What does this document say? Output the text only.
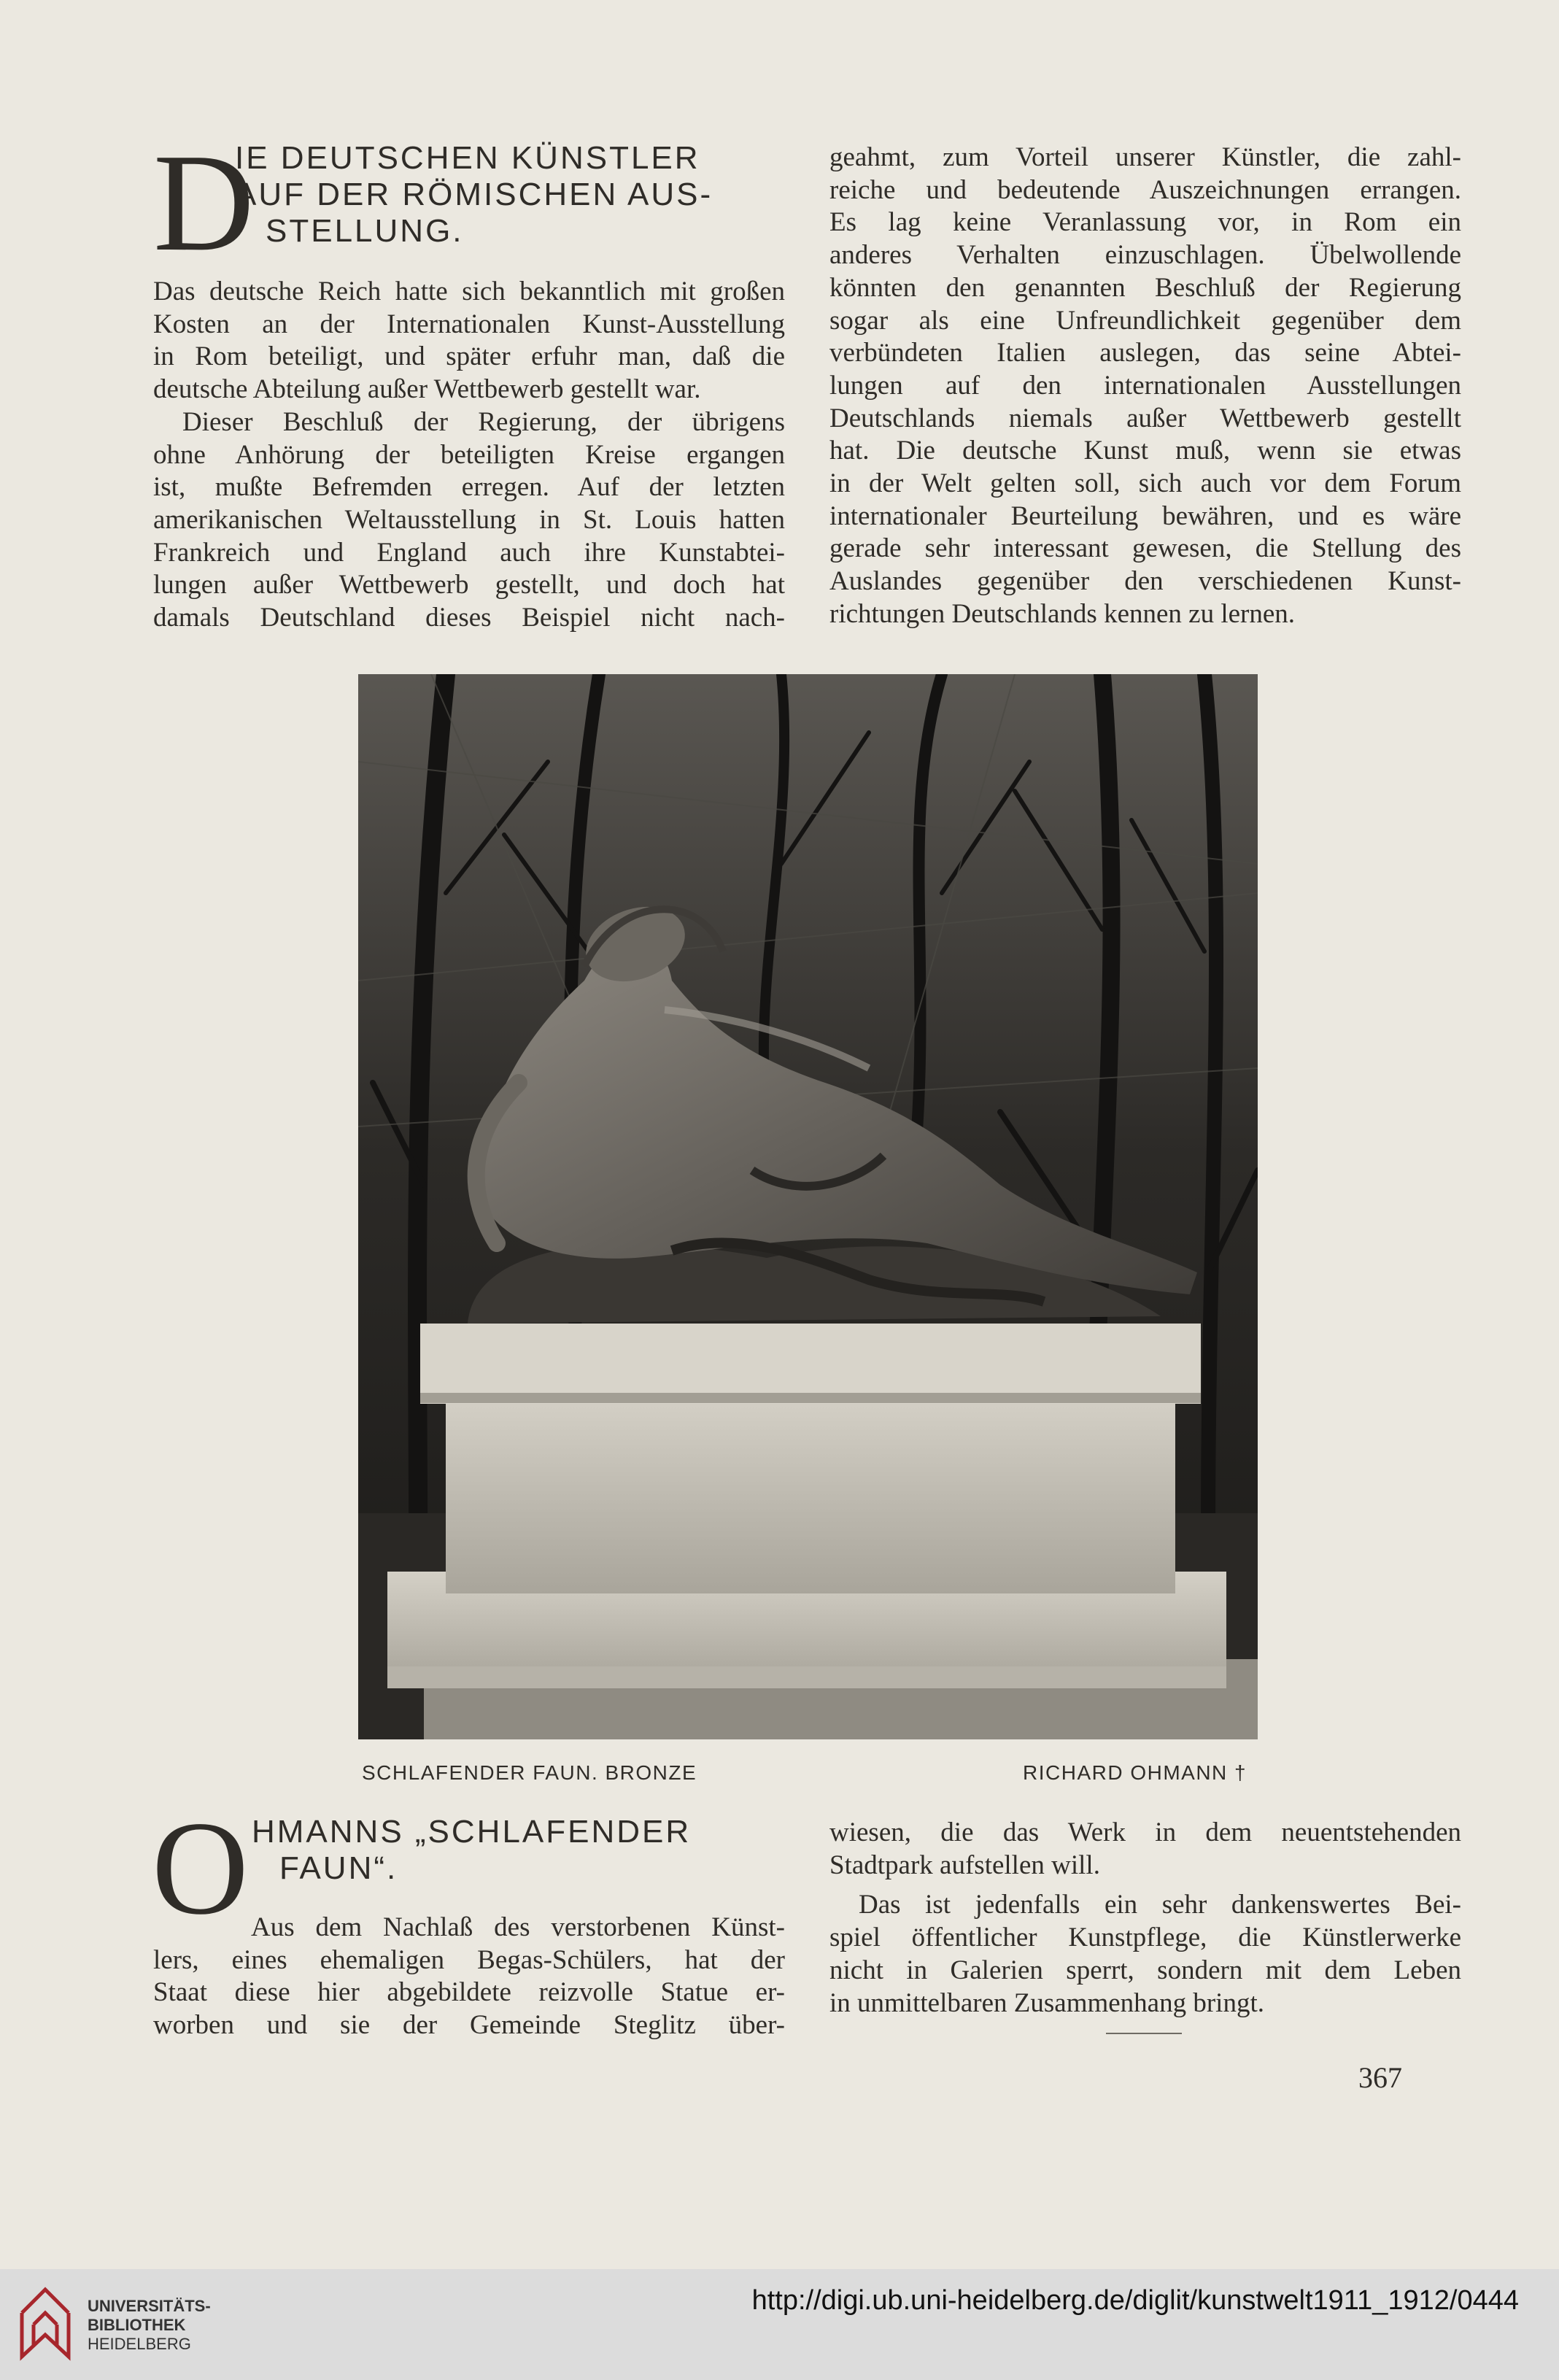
D
IE DEUTSCHEN KÜNSTLER
AUF DER RÖMISCHEN AUS-
STELLUNG.

Das deutsche Reich hatte sich bekanntlich mit großen

Kosten an der Internationalen Kunst-Ausstellung

in Rom beteiligt, und später erfuhr man, daß die

deutsche Abteilung außer Wettbewerb gestellt war.

Dieser Beschluß der Regierung, der übrigens

ohne Anhörung der beteiligten Kreise ergangen

ist, mußte Befremden erregen. Auf der letzten

amerikanischen Weltausstellung in St. Louis hatten

Frankreich und England auch ihre Kunstabtei-

lungen außer Wettbewerb gestellt, und doch hat

damals Deutschland dieses Beispiel nicht nach-

geahmt, zum Vorteil unserer Künstler, die zahl-

reiche und bedeutende Auszeichnungen errangen.

Es lag keine Veranlassung vor, in Rom ein

anderes Verhalten einzuschlagen. Übelwollende

könnten den genannten Beschluß der Regierung

sogar als eine Unfreundlichkeit gegenüber dem

verbündeten Italien auslegen, das seine Abtei-

lungen auf den internationalen Ausstellungen

Deutschlands niemals außer Wettbewerb gestellt

hat. Die deutsche Kunst muß, wenn sie etwas

in der Welt gelten soll, sich auch vor dem Forum

internationaler Beurteilung bewähren, und es wäre

gerade sehr interessant gewesen, die Stellung des

Auslandes gegenüber den verschiedenen Kunst-

richtungen Deutschlands kennen zu lernen.

SCHLAFENDER FAUN. BRONZE	RICHARD OHMANN †
O HMANNS „SCHLAFENDER
FAUN“.

Aus dem Nachlaß des verstorbenen Künst-

lers, eines ehemaligen Begas-Schülers, hat der

Staat diese hier abgebildete reizvolle Statue er-

worben und sie der Gemeinde Steglitz über-

wiesen, die das Werk in dem neuentstehenden

Stadtpark aufstellen will.

Das ist jedenfalls ein sehr dankenswertes Bei-

spiel öffentlicher Kunstpflege, die Künstlerwerke

nicht in Galerien sperrt, sondern mit dem Leben

in unmittelbaren Zusammenhang bringt.

367
UNIVERSITÄTS-
BIBLIOTHEK
HEIDELBERG
http://digi.ub.uni-heidelberg.de/diglit/kunstwelt1911_1912/0444
